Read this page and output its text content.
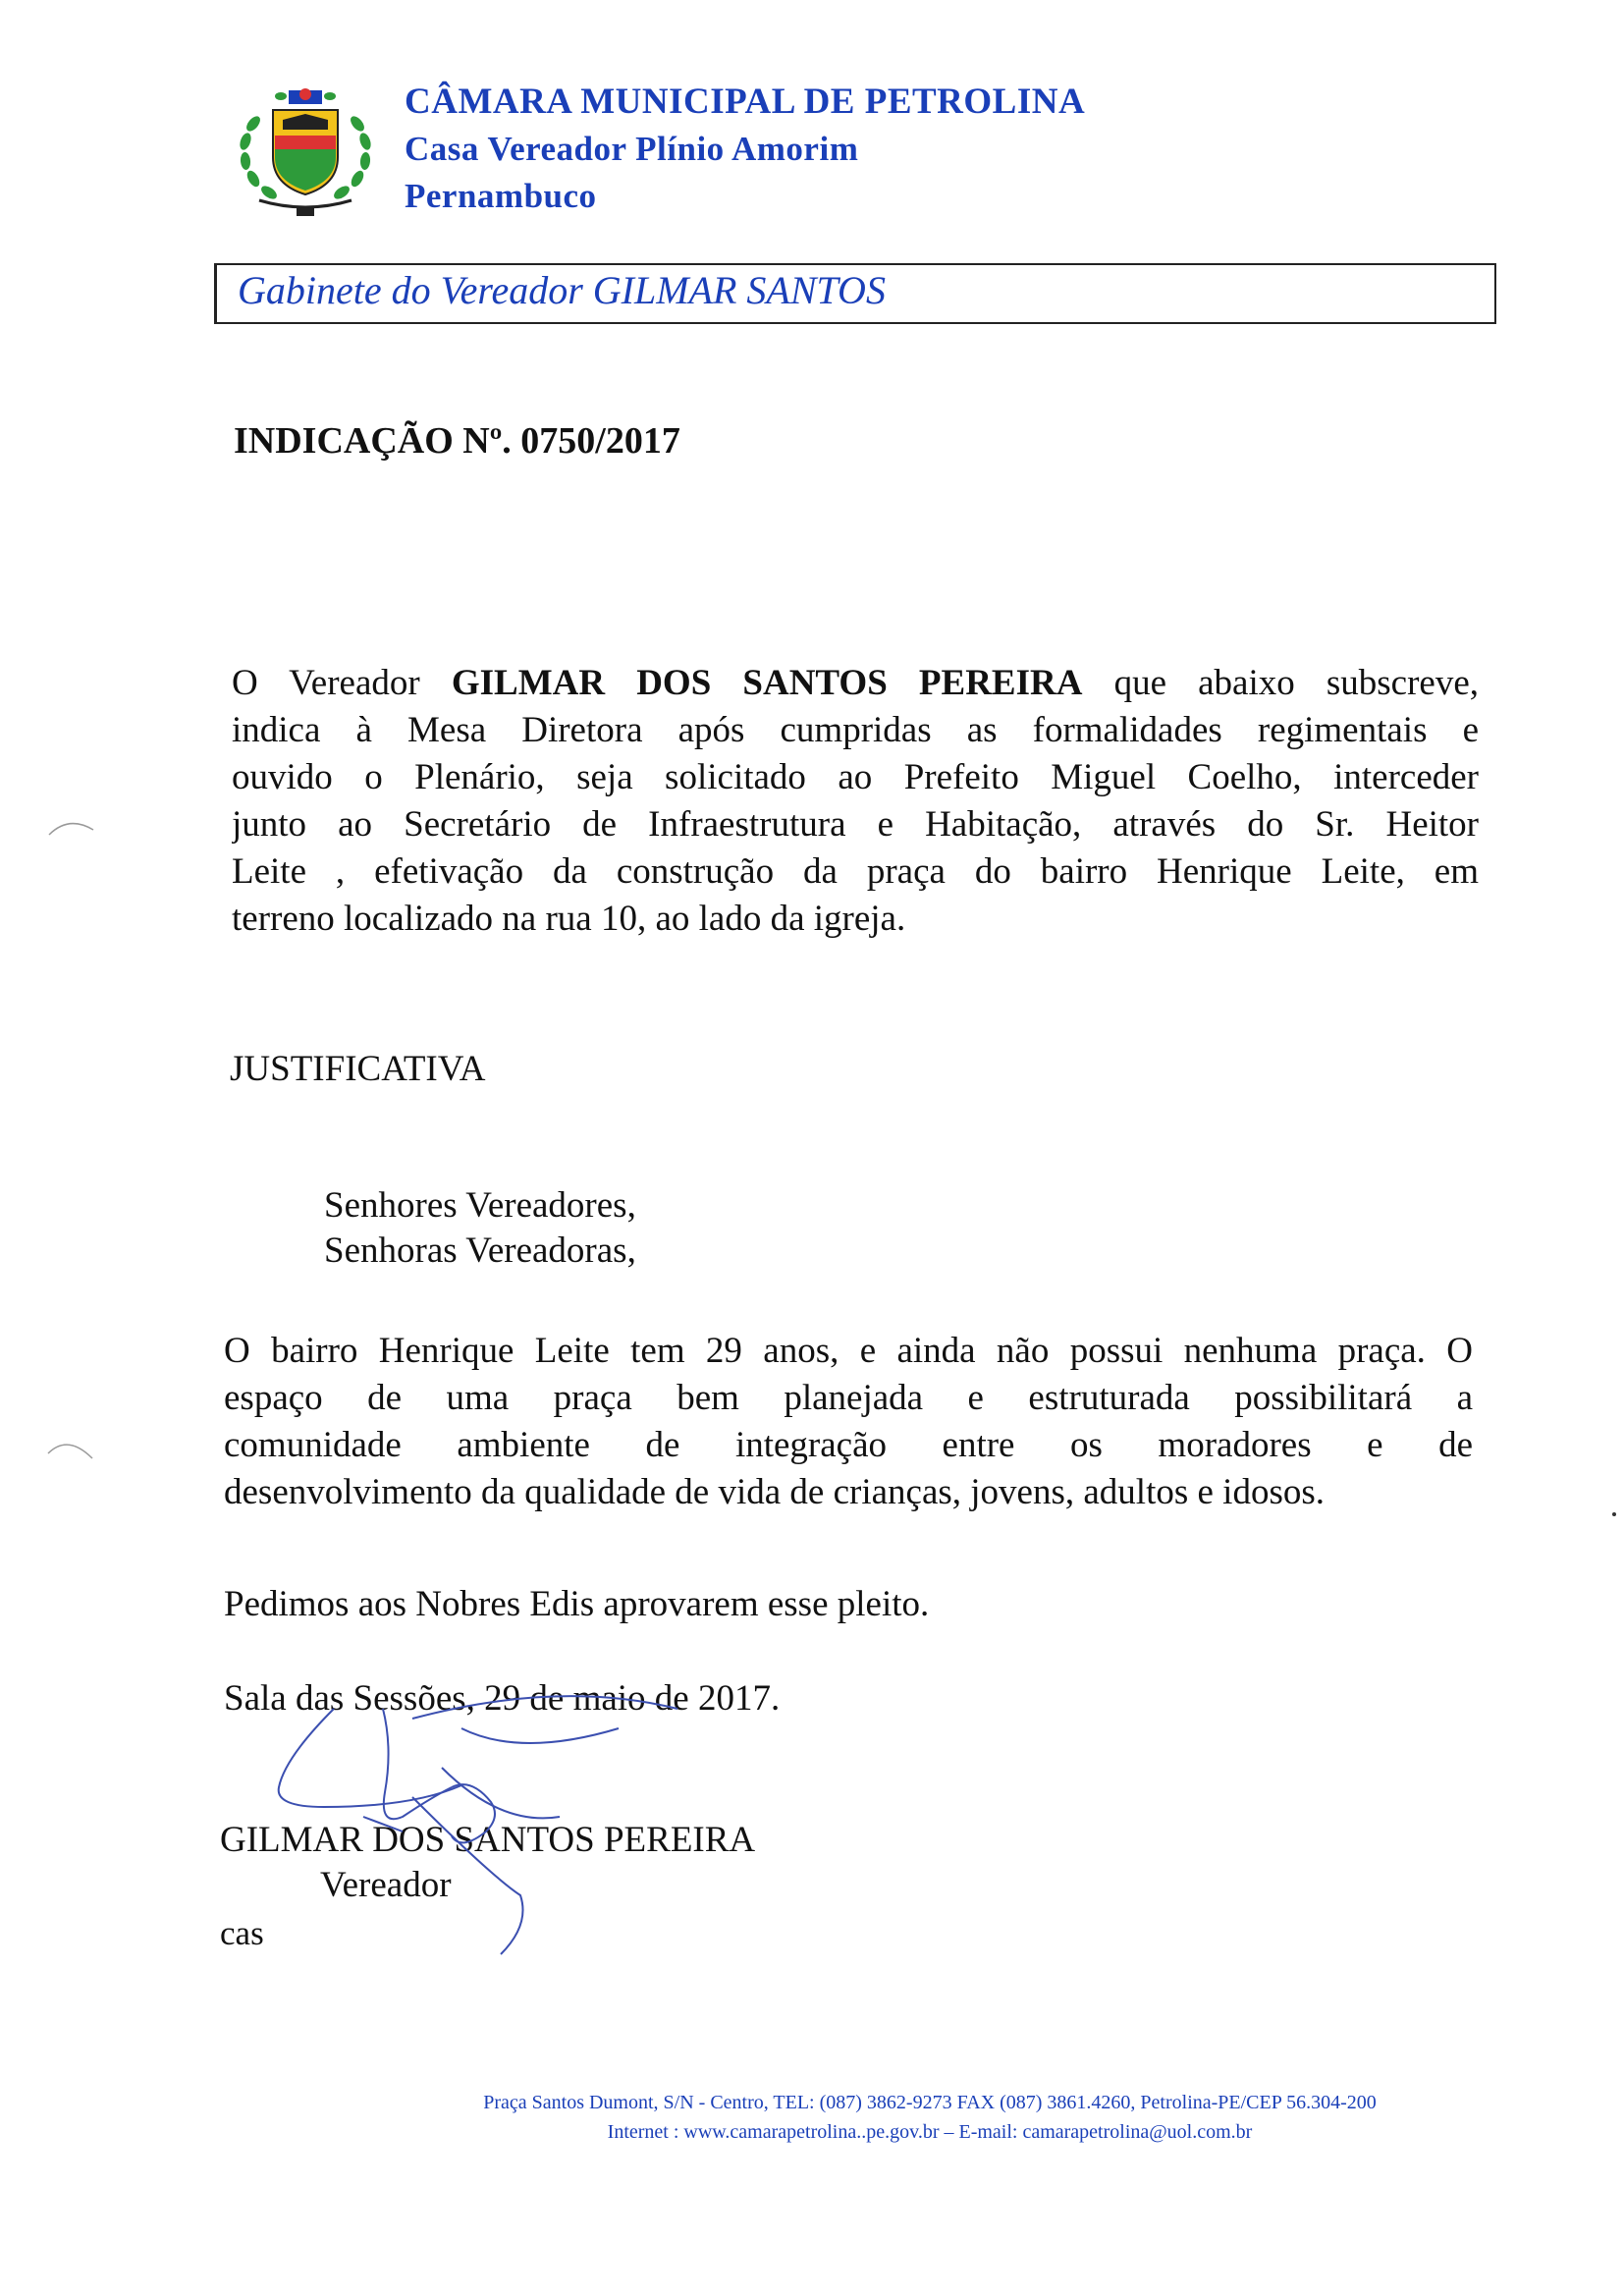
CÂMARA MUNICIPAL DE PETROLINA
Casa Vereador Plínio Amorim
Pernambuco
Gabinete do Vereador GILMAR SANTOS
INDICAÇÃO Nº. 0750/2017
O Vereador GILMAR DOS SANTOS PEREIRA que abaixo subscreve,
indica à Mesa Diretora após cumpridas as formalidades regimentais e
ouvido o Plenário, seja solicitado ao Prefeito Miguel Coelho, interceder
junto ao Secretário de Infraestrutura e Habitação, através do Sr. Heitor
Leite , efetivação da construção da praça do bairro Henrique Leite, em
terreno localizado na rua 10, ao lado da igreja.
JUSTIFICATIVA
Senhores Vereadores,
Senhoras Vereadoras,
O bairro Henrique Leite tem 29 anos, e ainda não possui nenhuma praça. O
espaço de uma praça bem planejada e estruturada possibilitará a
comunidade ambiente de integração entre os moradores e de
desenvolvimento da qualidade de vida de crianças, jovens, adultos e idosos.
Pedimos aos Nobres Edis aprovarem esse pleito.
Sala das Sessões, 29 de maio de 2017.
GILMAR DOS SANTOS PEREIRA
Vereador
cas
Praça Santos Dumont, S/N - Centro, TEL: (087) 3862-9273 FAX (087) 3861.4260, Petrolina-PE/CEP 56.304-200
Internet : www.camarapetrolina..pe.gov.br – E-mail: camarapetrolina@uol.com.br
